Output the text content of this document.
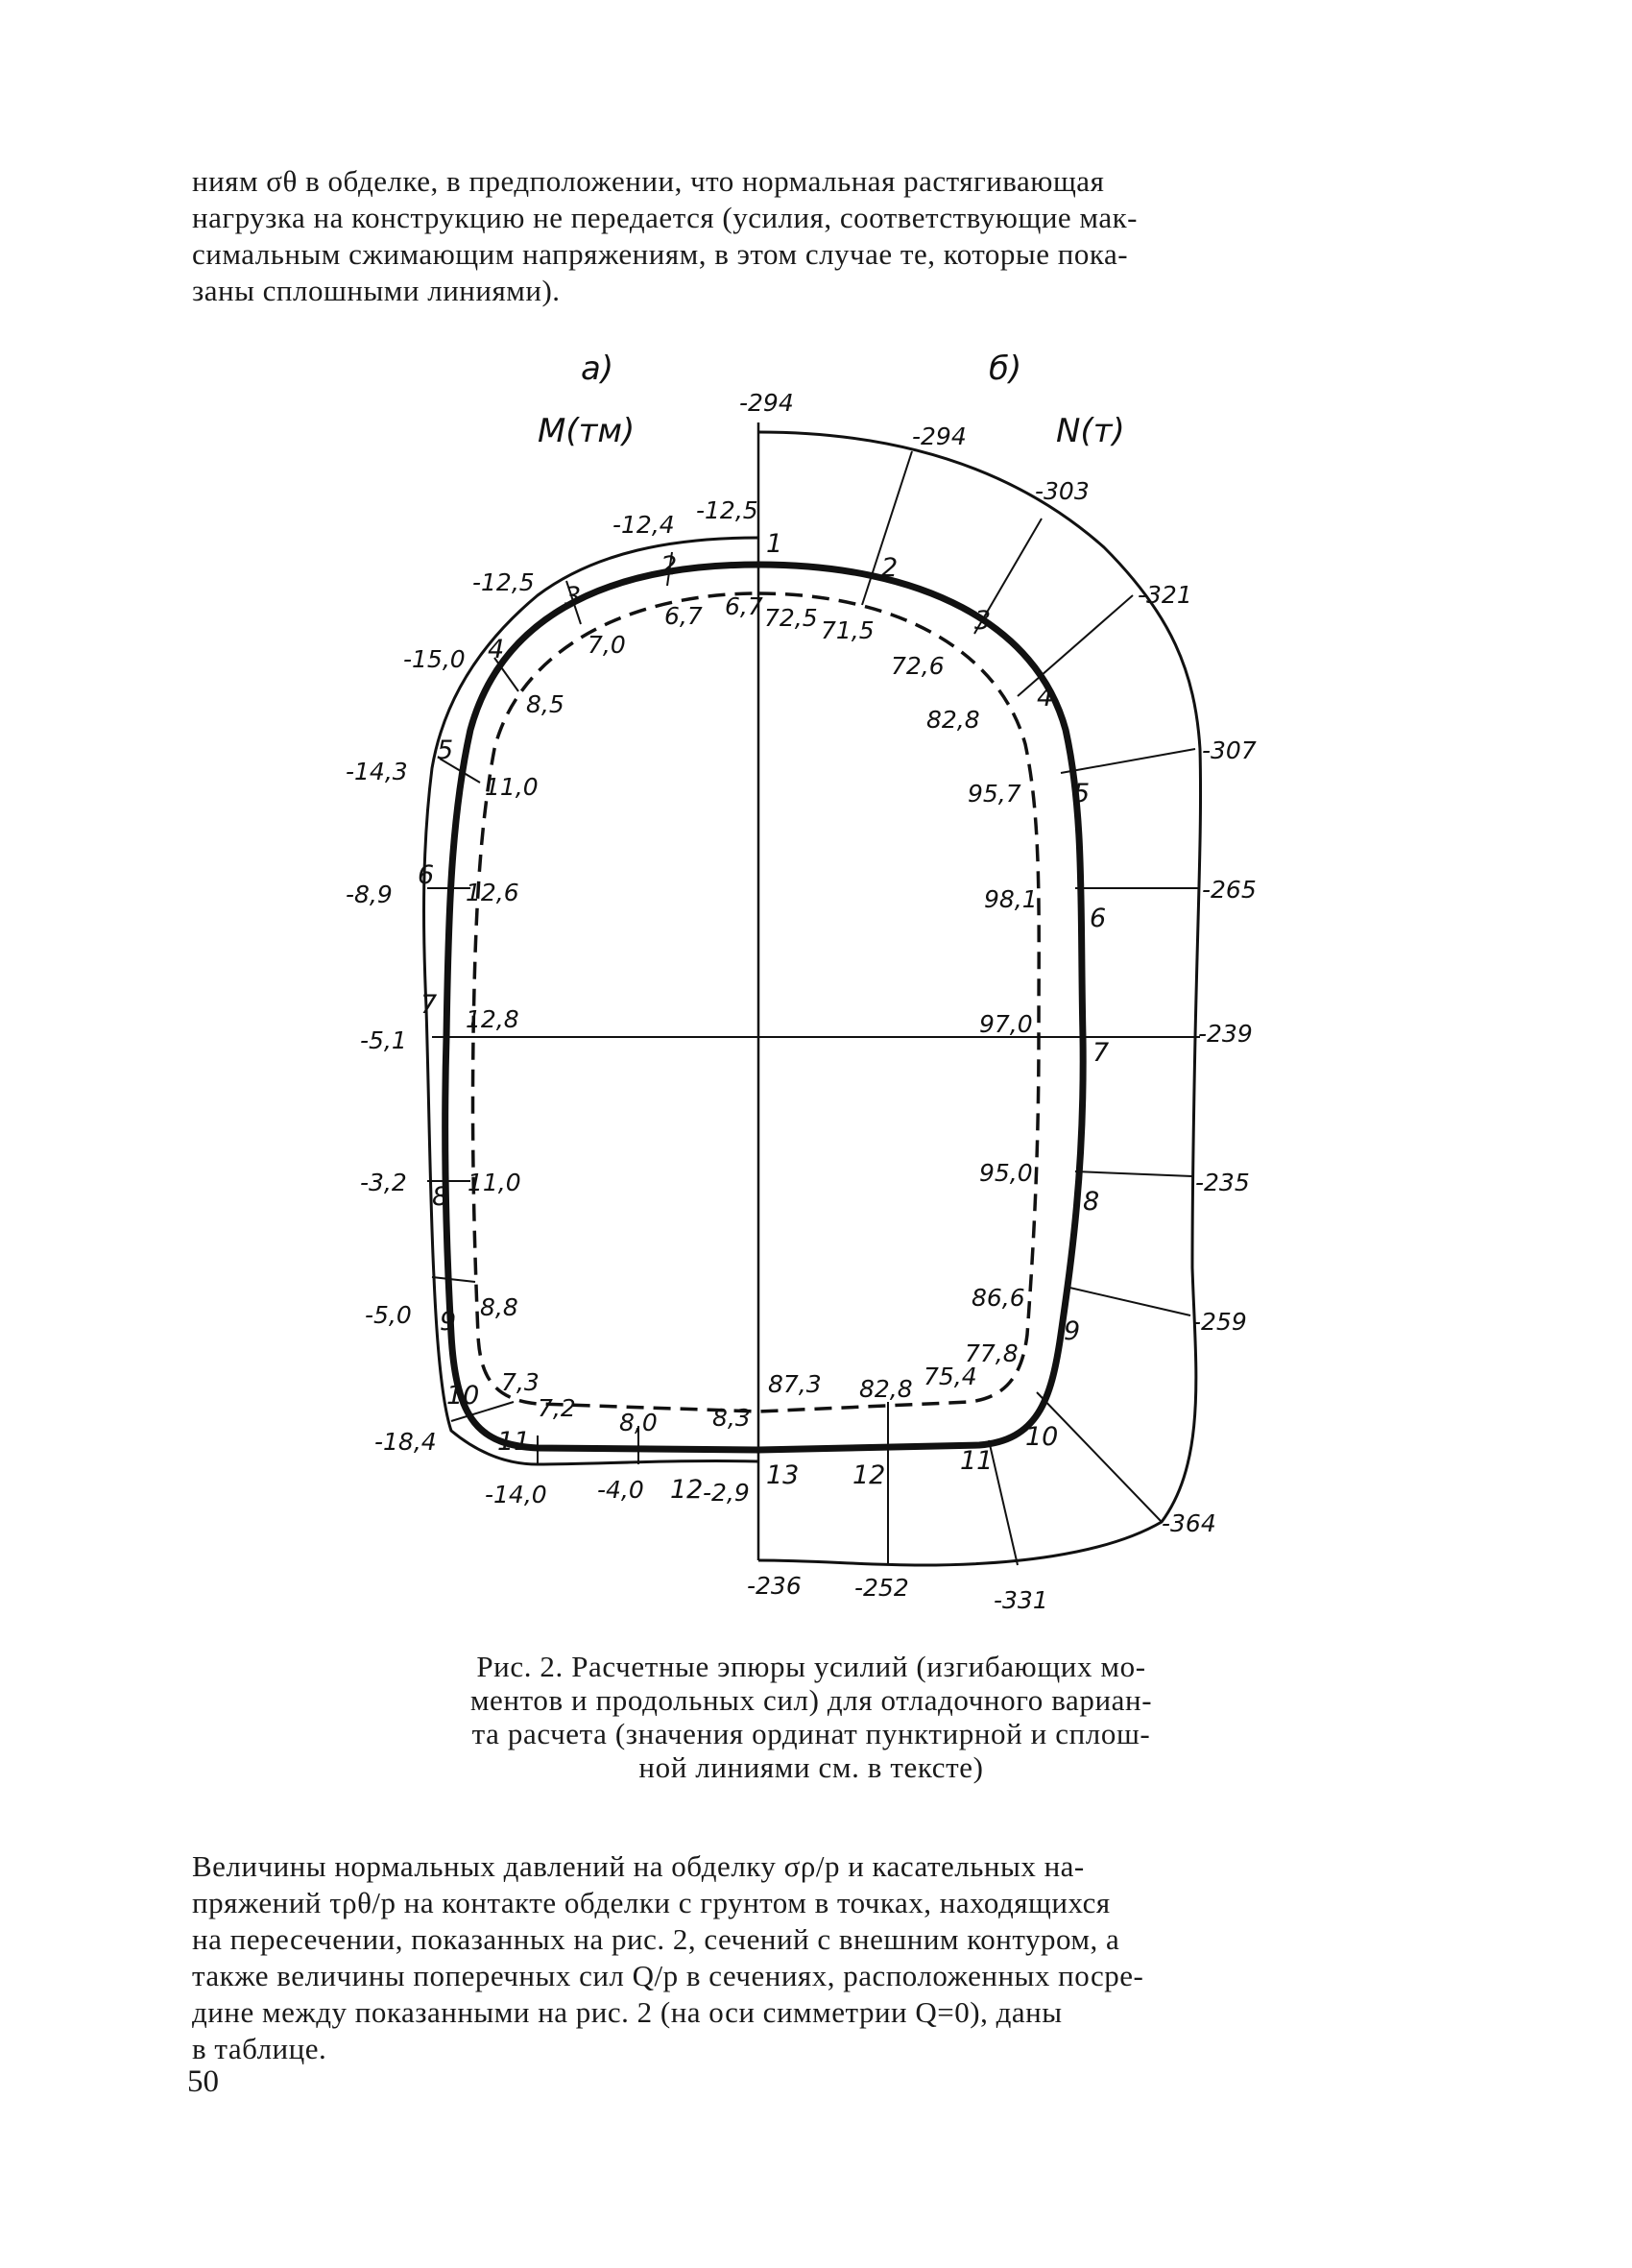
ниям σθ в обделке, в предположении, что нормальная растягивающая

нагрузка на конструкцию не передается (усилия, соответствующие мак-

симальным сжимающим напряжениям, в этом случае те, которые пока-

заны сплошными линиями).

а)
M(тм)
б)
N(т)
1
2	2
3
3
4
4
5
5
6
6
7
7
8	8
9	9
10
10
11
11
12	12
13
-12,5
-12,4
-12,5
-15,0
-14,3
-8,9
-5,1
-3,2
-5,0
-18,4
-14,0 -4,0 -2,9
6,7
6,7
7,0
8,5
11,0
12,6
12,8
11,0
8,8
7,3
7,2
8,0 8,3
-294
-294
-303
-321
-307
-265
-239
-235
-259
-364
-331
-252
-236
72,5 71,5
72,6
82,8
95,7
98,1
97,0
95,0
86,6
77,8
75,4
82,8
87,3
Рис. 2. Расчетные эпюры усилий (изгибающих мо-
ментов и продольных сил) для отладочного вариан-
та расчета (значения ординат пунктирной и сплош-
ной линиями см. в тексте)

Величины нормальных давлений на обделку σρ/p и касательных на-

пряжений τρθ/p на контакте обделки с грунтом в точках, находящихся

на пересечении, показанных на рис. 2, сечений с внешним контуром, а

также величины поперечных сил Q/p в сечениях, расположенных посре-

дине между показанными на рис. 2 (на оси симметрии Q=0), даны

в таблице.

50
